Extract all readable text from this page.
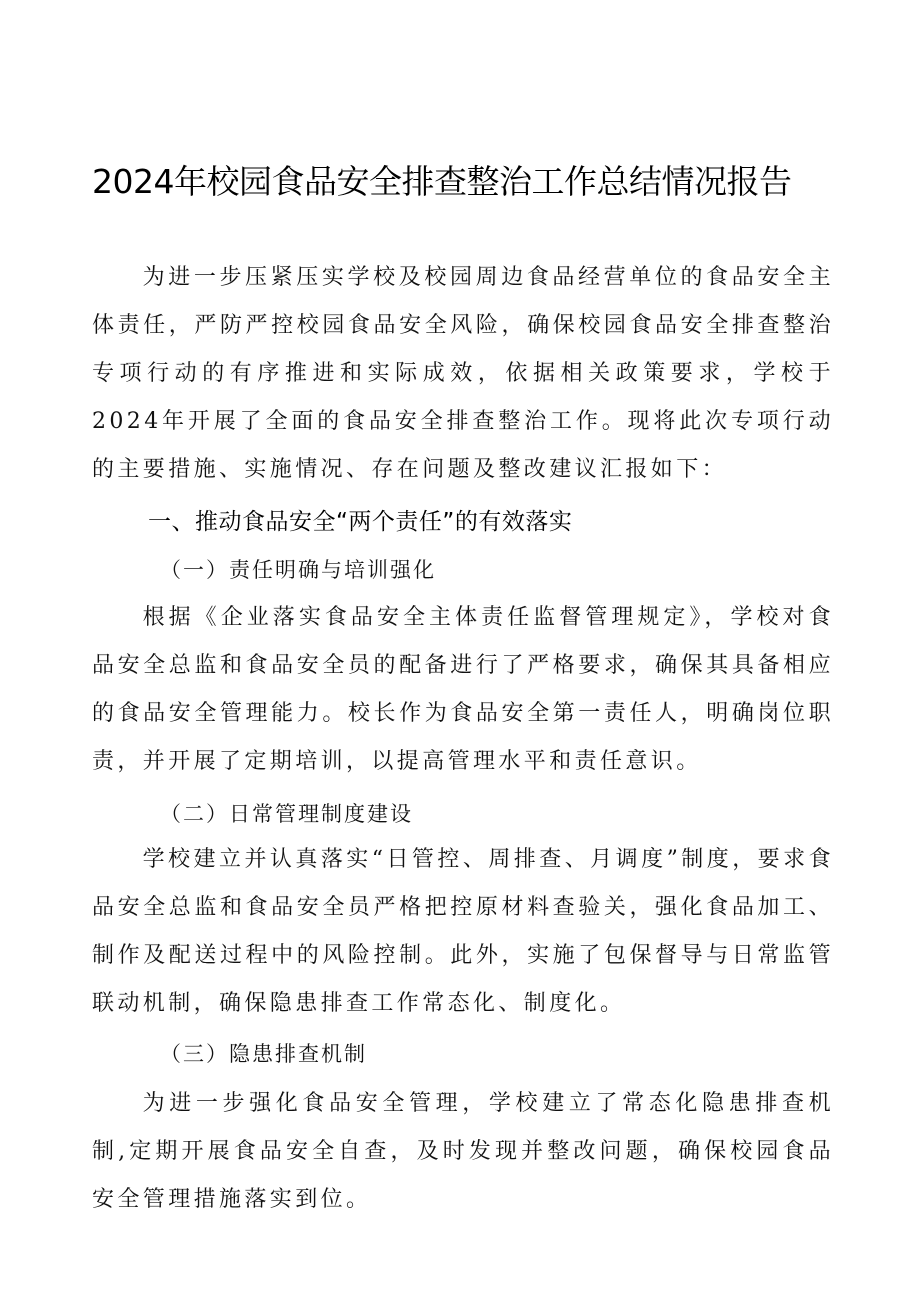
2024年校园食品安全排查整治工作总结情况报告
为进一步压紧压实学校及校园周边食品经营单位的食品安全主体责任，严防严控校园食品安全风险，确保校园食品安全排查整治专项行动的有序推进和实际成效，依据相关政策要求，学校于2024年开展了全面的食品安全排查整治工作。现将此次专项行动的主要措施、实施情况、存在问题及整改建议汇报如下：
一、推动食品安全“两个责任”的有效落实
（一）责任明确与培训强化
根据《企业落实食品安全主体责任监督管理规定》，学校对食品安全总监和食品安全员的配备进行了严格要求，确保其具备相应的食品安全管理能力。校长作为食品安全第一责任人，明确岗位职责，并开展了定期培训，以提高管理水平和责任意识。
（二）日常管理制度建设
学校建立并认真落实“日管控、周排查、月调度”制度，要求食品安全总监和食品安全员严格把控原材料查验关，强化食品加工、制作及配送过程中的风险控制。此外，实施了包保督导与日常监管联动机制，确保隐患排查工作常态化、制度化。
（三）隐患排查机制
为进一步强化食品安全管理，学校建立了常态化隐患排查机制,定期开展食品安全自查，及时发现并整改问题，确保校园食品安全管理措施落实到位。
